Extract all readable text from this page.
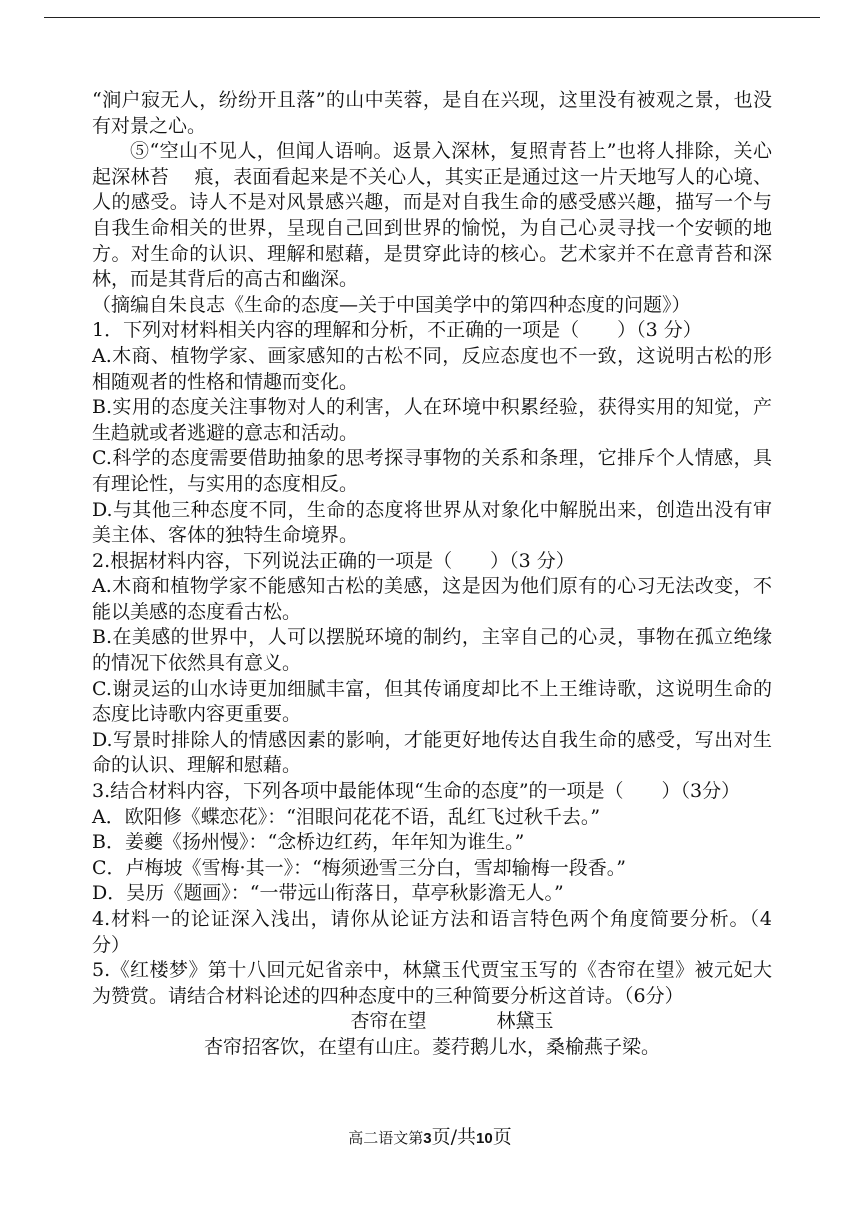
“涧户寂无人，纷纷开且落”的山中芙蓉，是自在兴现，这里没有被观之景，也没有对景之心。

⑤“空山不见人，但闻人语响。返景入深林，复照青苔上”也将人排除，关心起深林苔　 痕，表面看起来是不关心人，其实正是通过这一片天地写人的心境、人的感受。诗人不是对风景感兴趣，而是对自我生命的感受感兴趣，描写一个与自我生命相关的世界，呈现自己回到世界的愉悦，为自己心灵寻找一个安顿的地方。对生命的认识、理解和慰藉，是贯穿此诗的核心。艺术家并不在意青苔和深林，而是其背后的高古和幽深。

（摘编自朱良志《生命的态度—关于中国美学中的第四种态度的问题》）

1．下列对材料相关内容的理解和分析，不正确的一项是（　　）（3 分）

A.木商、植物学家、画家感知的古松不同，反应态度也不一致，这说明古松的形相随观者的性格和情趣而变化。

B.实用的态度关注事物对人的利害，人在环境中积累经验，获得实用的知觉，产生趋就或者逃避的意志和活动。

C.科学的态度需要借助抽象的思考探寻事物的关系和条理，它排斥个人情感，具有理论性，与实用的态度相反。

D.与其他三种态度不同，生命的态度将世界从对象化中解脱出来，创造出没有审美主体、客体的独特生命境界。

2.根据材料内容，下列说法正确的一项是（　　）（3 分）

A.木商和植物学家不能感知古松的美感，这是因为他们原有的心习无法改变，不能以美感的态度看古松。

B.在美感的世界中，人可以摆脱环境的制约，主宰自己的心灵，事物在孤立绝缘的情况下依然具有意义。

C.谢灵运的山水诗更加细腻丰富，但其传诵度却比不上王维诗歌，这说明生命的态度比诗歌内容更重要。

D.写景时排除人的情感因素的影响，才能更好地传达自我生命的感受，写出对生命的认识、理解和慰藉。

3.结合材料内容，下列各项中最能体现“生命的态度”的一项是（　　）（3分）

A．欧阳修《蝶恋花》：“泪眼问花花不语，乱红飞过秋千去。”

B．姜夔《扬州慢》：“念桥边红药，年年知为谁生。”

C．卢梅坡《雪梅·其一》：“梅须逊雪三分白，雪却输梅一段香。”

D．吴历《题画》：“一带远山衔落日，草亭秋影澹无人。”

4.材料一的论证深入浅出，请你从论证方法和语言特色两个角度简要分析。（4 分）

5.《红楼梦》第十八回元妃省亲中，林黛玉代贾宝玉写的《杏帘在望》被元妃大为赞赏。请结合材料论述的四种态度中的三种简要分析这首诗。（6分）

杏帘在望	林黛玉

杏帘招客饮，在望有山庄。菱荇鹅儿水，桑榆燕子梁。

高二语文第3页/共10页
